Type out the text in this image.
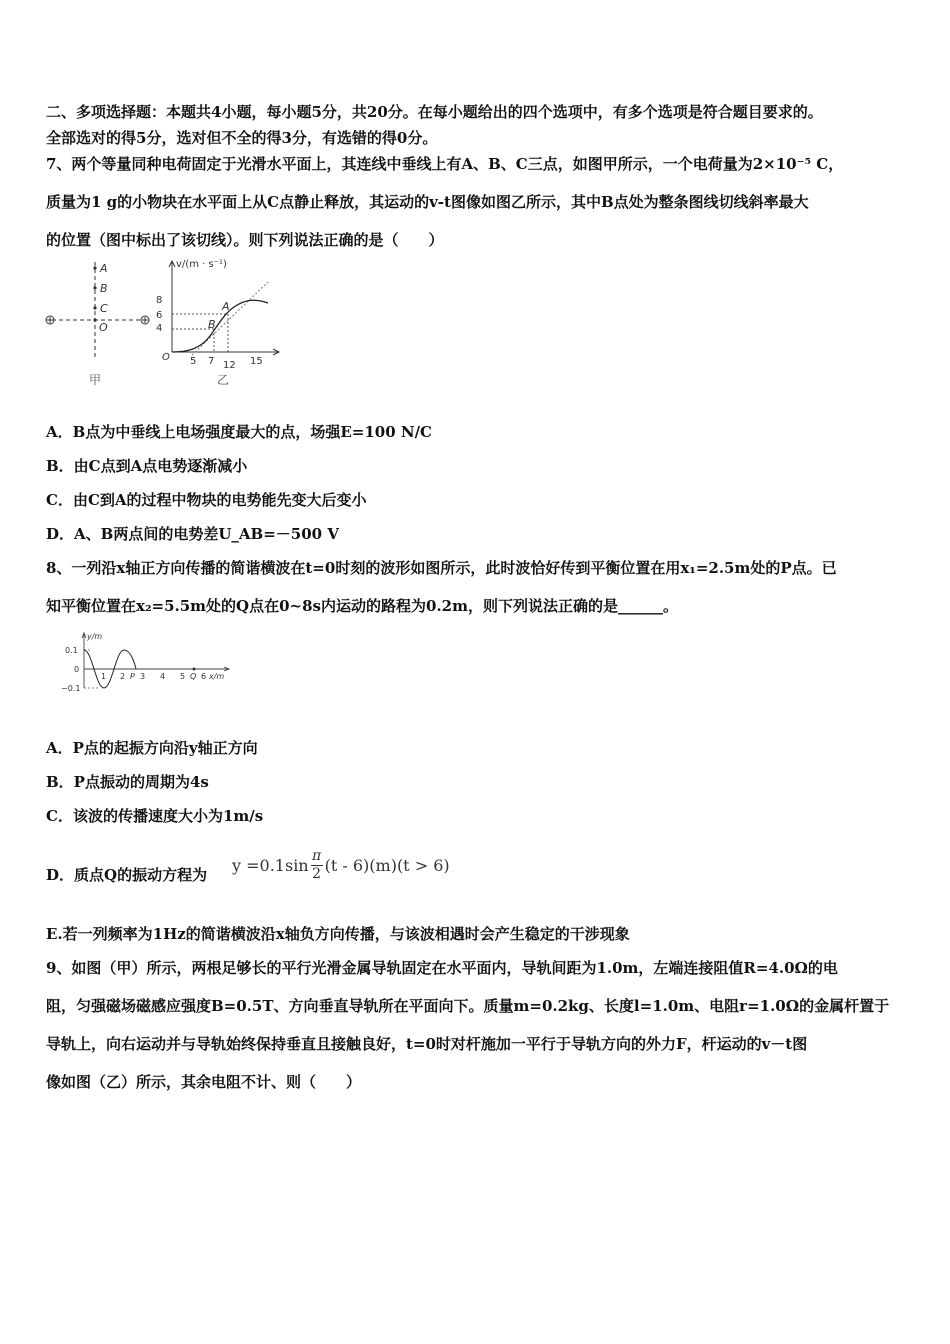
二、多项选择题：本题共4小题，每小题5分，共20分。在每小题给出的四个选项中，有多个选项是符合题目要求的。
全部选对的得5分，选对但不全的得3分，有选错的得0分。
7、两个等量同种电荷固定于光滑水平面上，其连线中垂线上有A、B、C三点，如图甲所示，一个电荷量为2×10⁻⁵ C，
质量为1 g的小物块在水平面上从C点静止释放，其运动的v-t图像如图乙所示，其中B点处为整条图线切线斜率最大
的位置（图中标出了该切线）。则下列说法正确的是（　　）
A
B
C
O
甲
v/(m · s⁻¹)
8
6
4
O 5 7 12 15
A
B
乙
A．B点为中垂线上电场强度最大的点，场强E=100 N/C
B．由C点到A点电势逐渐减小
C．由C到A的过程中物块的电势能先变大后变小
D．A、B两点间的电势差U_AB=－500 V
8、一列沿x轴正方向传播的简谐横波在t=0时刻的波形如图所示，此时波恰好传到平衡位置在用x₁=2.5m处的P点。已
知平衡位置在x₂=5.5m处的Q点在0~8s内运动的路程为0.2m，则下列说法正确的是______。
y/m
0.1
0
−0.1
1 2 P 3 4 5 Q 6 x/m
A．P点的起振方向沿y轴正方向
B．P点振动的周期为4s
C．该波的传播速度大小为1m/s
D．质点Q的振动方程为
y =0.1sin π
2 (t - 6)(m)(t > 6)
E.若一列频率为1Hz的简谐横波沿x轴负方向传播，与该波相遇时会产生稳定的干涉现象
9、如图（甲）所示，两根足够长的平行光滑金属导轨固定在水平面内，导轨间距为1.0m，左端连接阻值R=4.0Ω的电
阻，匀强磁场磁感应强度B=0.5T、方向垂直导轨所在平面向下。质量m=0.2kg、长度l=1.0m、电阻r=1.0Ω的金属杆置于
导轨上，向右运动并与导轨始终保持垂直且接触良好，t=0时对杆施加一平行于导轨方向的外力F，杆运动的v－t图
像如图（乙）所示，其余电阻不计、则（　　）
